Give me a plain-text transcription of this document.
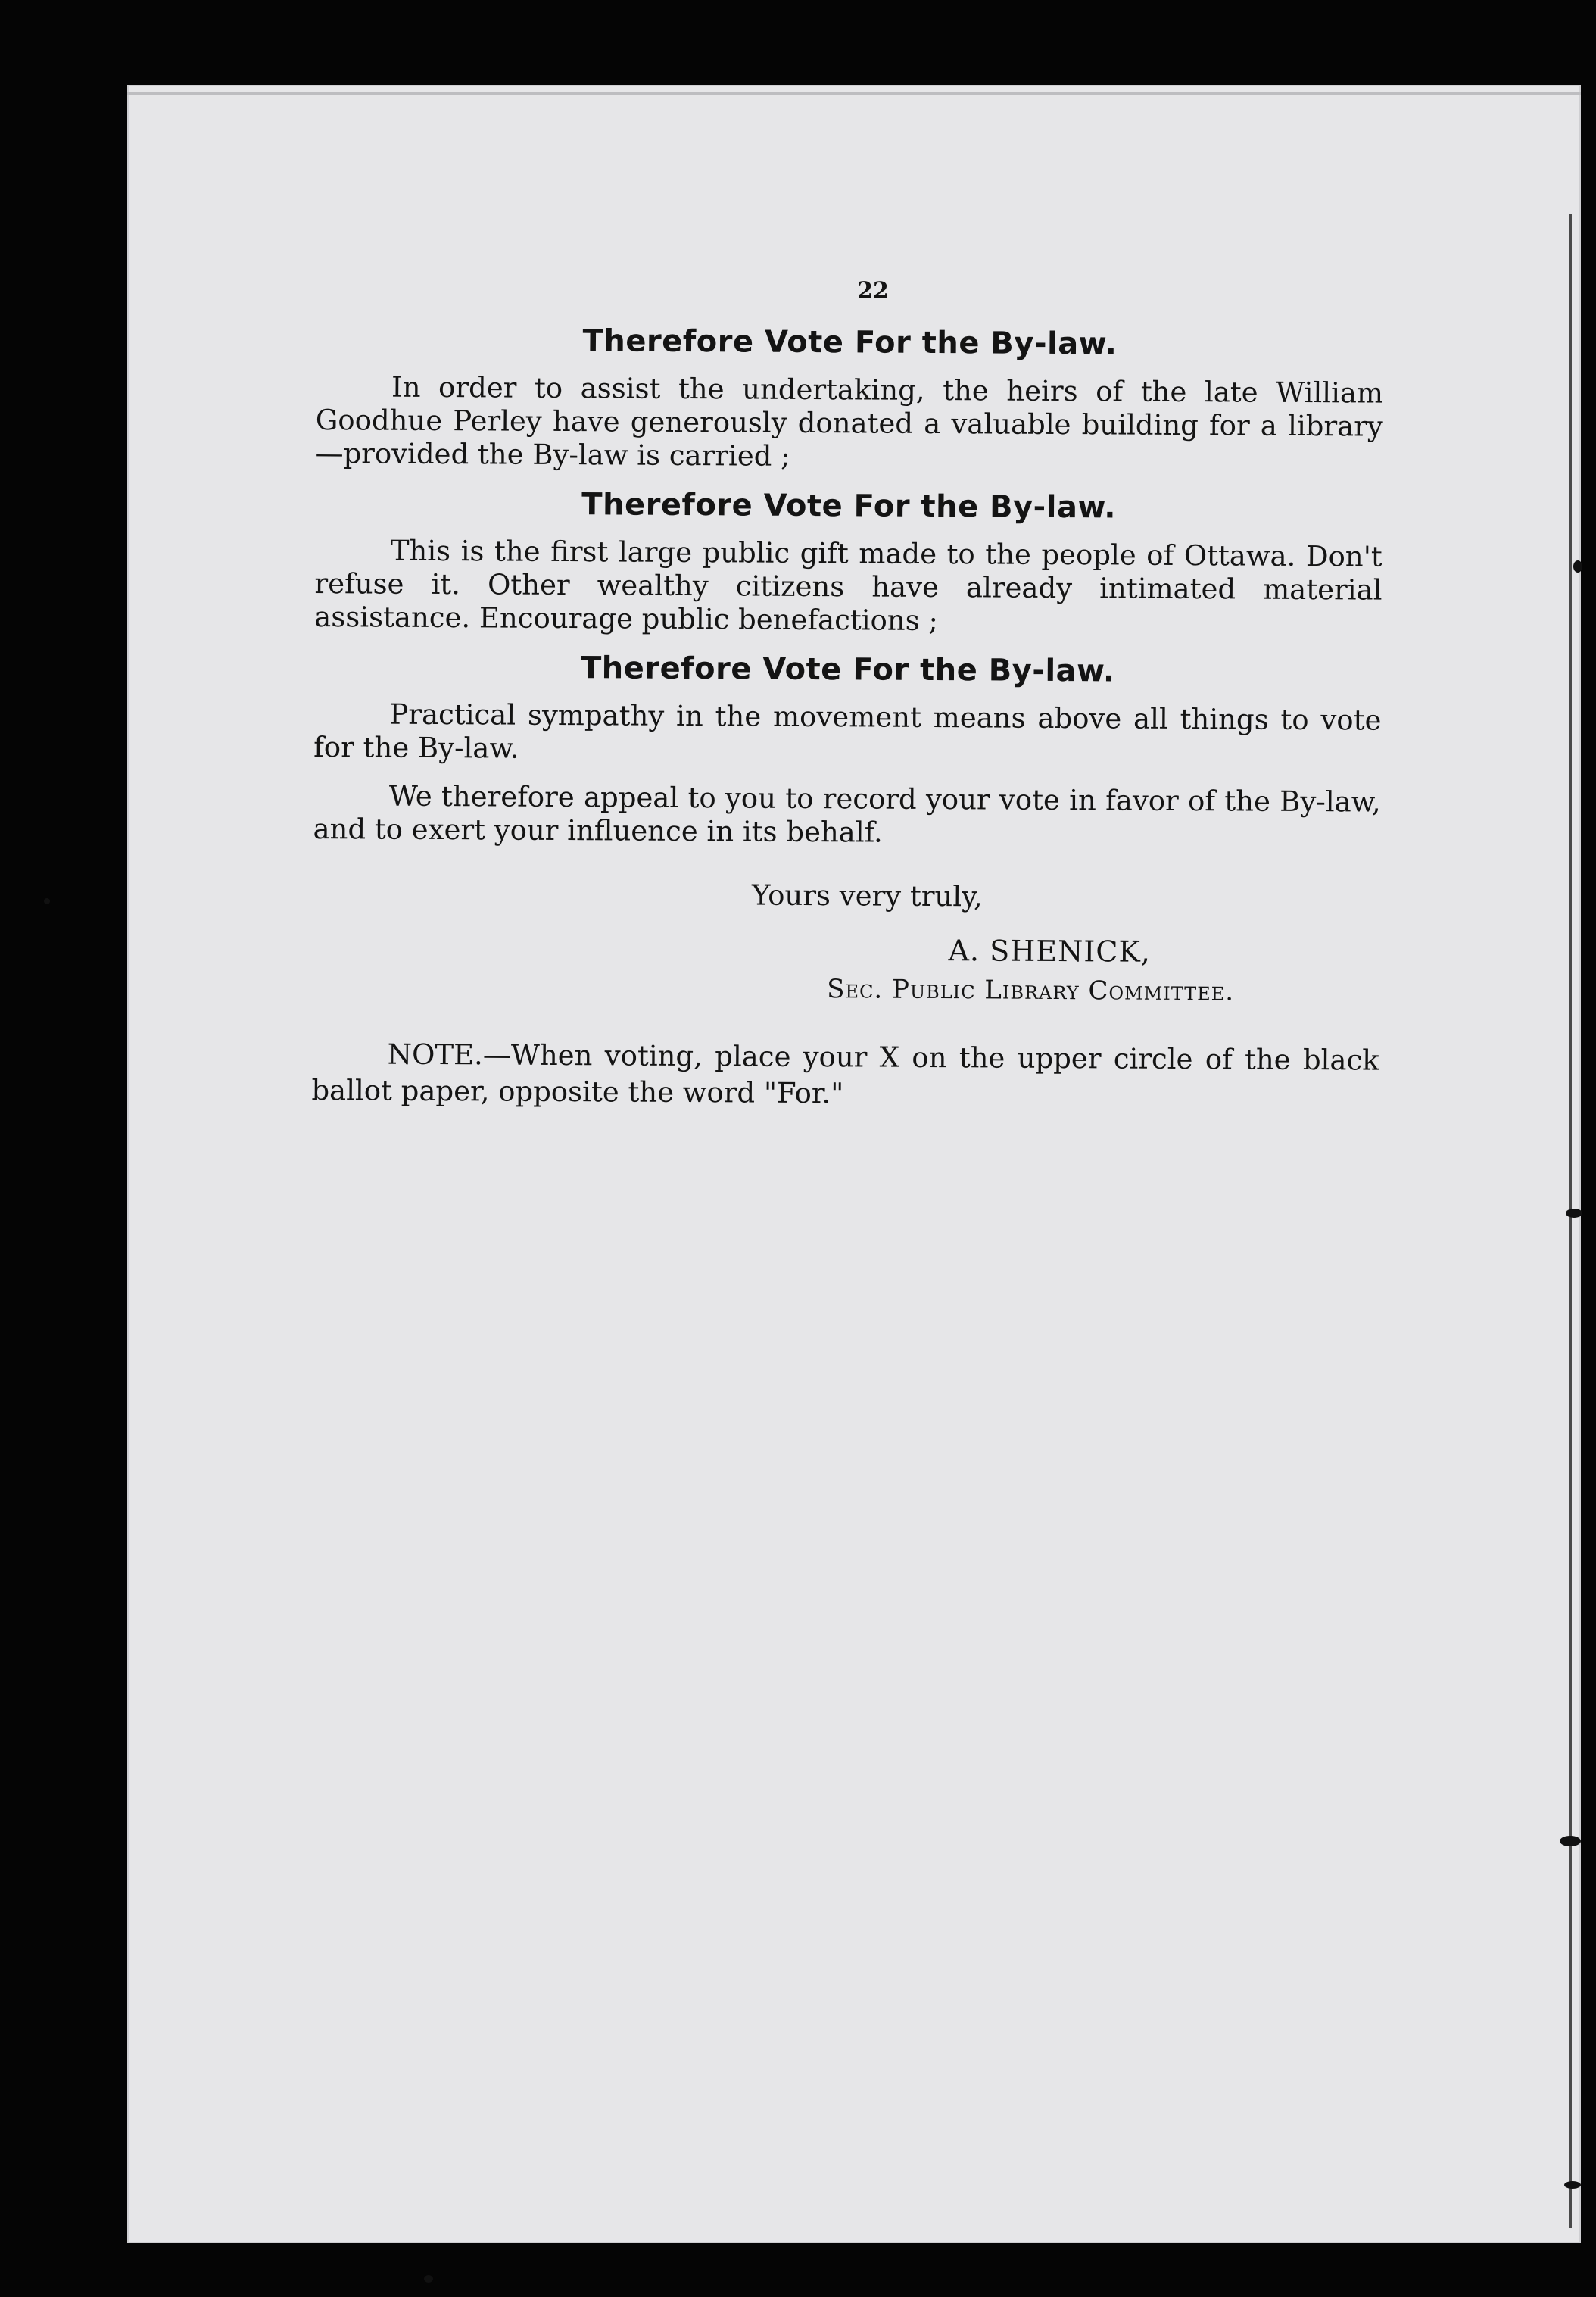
22
Therefore Vote For the By-law.

In order to assist the undertaking, the heirs of the late William Goodhue Perley have generously donated a valuable building for a library—provided the By-law is carried ;

Therefore Vote For the By-law.

This is the first large public gift made to the people of Ottawa. Don't refuse it. Other wealthy citizens have already intimated material assistance. Encourage public benefactions ;

Therefore Vote For the By-law.

Practical sympathy in the movement means above all things to vote for the By-law.

We therefore appeal to you to record your vote in favor of the By-law, and to exert your influence in its behalf.

Yours very truly,
A. SHENICK,
Sec. Public Library Committee.

NOTE.—When voting, place your X on the upper circle of the black ballot paper, opposite the word "For."
